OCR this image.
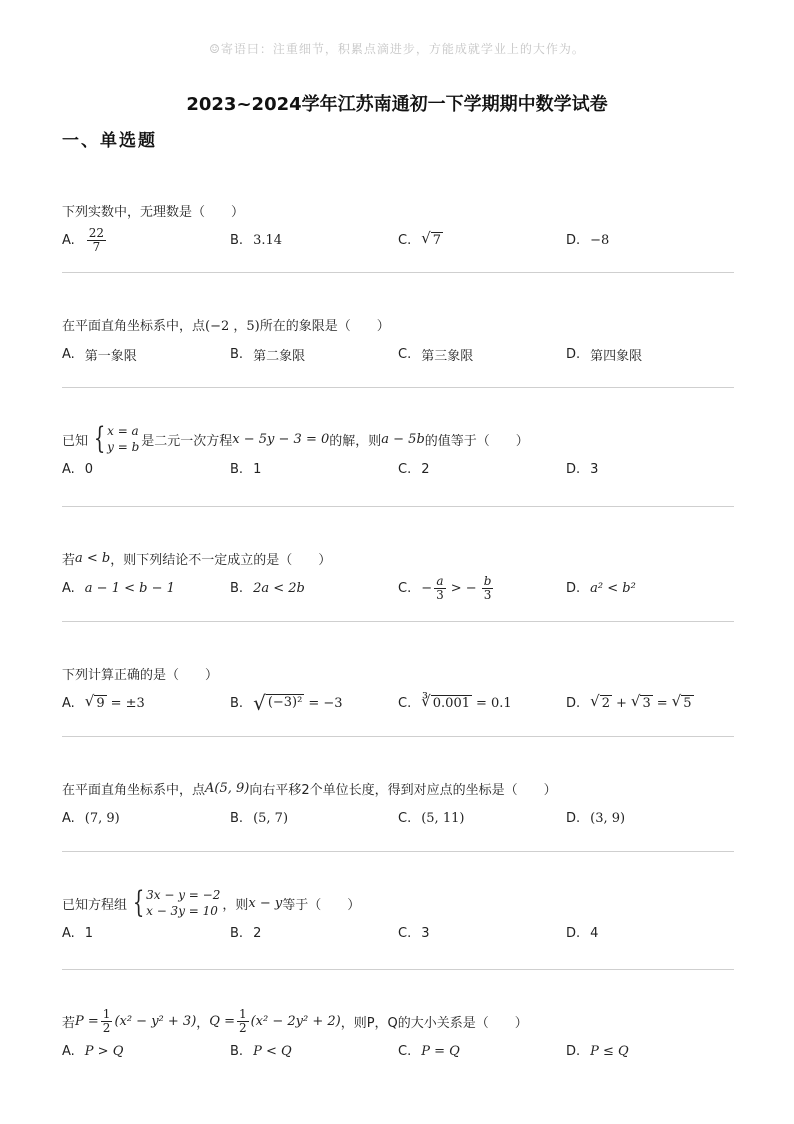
☺寄语曰：注重细节，积累点滴进步，方能成就学业上的大作为。
2023~2024学年江苏南通初一下学期期中数学试卷
一、单选题
下列实数中，无理数是（　　）
A. $\frac{22}{7}$	B. 3.14	C. √ 7	D. −8
在平面直角坐标系中，点 (−2 ，5) 所在的象限是（　　）
A. 第一象限	B. 第二象限	C. 第三象限	D. 第四象限
已知 { x = a
y = b 是二元一次方程 x − 5y − 3 = 0 的解，则 a − 5b 的值等于（　　）
A. 0	B. 1	C. 2	D. 3
若 a < b ，则下列结论不一定成立的是（　　）
A. a − 1 < b − 1	B. 2a < 2b	C. − $\frac{a}{3}$ > − $\frac{b}{3}$	D. a² < b²
下列计算正确的是（　　）
A. √ 9 = ±3	B. √ (−3)² = −3	C. ∛ 0.001 = 0.1	D. √ 2 + √ 3 = √ 5
在平面直角坐标系中，点 A(5, 9) 向右平移2个单位长度，得到对应点的坐标是（　　）
A. (7, 9)	B. (5, 7)	C. (5, 11)	D. (3, 9)
已知方程组 { 3x − y = −2
x − 3y = 10 ，则 x − y 等于（　　）
A. 1	B. 2	C. 3	D. 4
若 $P = \frac{1}{2} (x^2 - y^2 + 3)$ ， $Q = \frac{1}{2} (x^2 - 2y^2 + 2)$ ，则P，Q的大小关系是（　　）
A. P > Q	B. P < Q	C. P = Q	D. P ≤ Q
